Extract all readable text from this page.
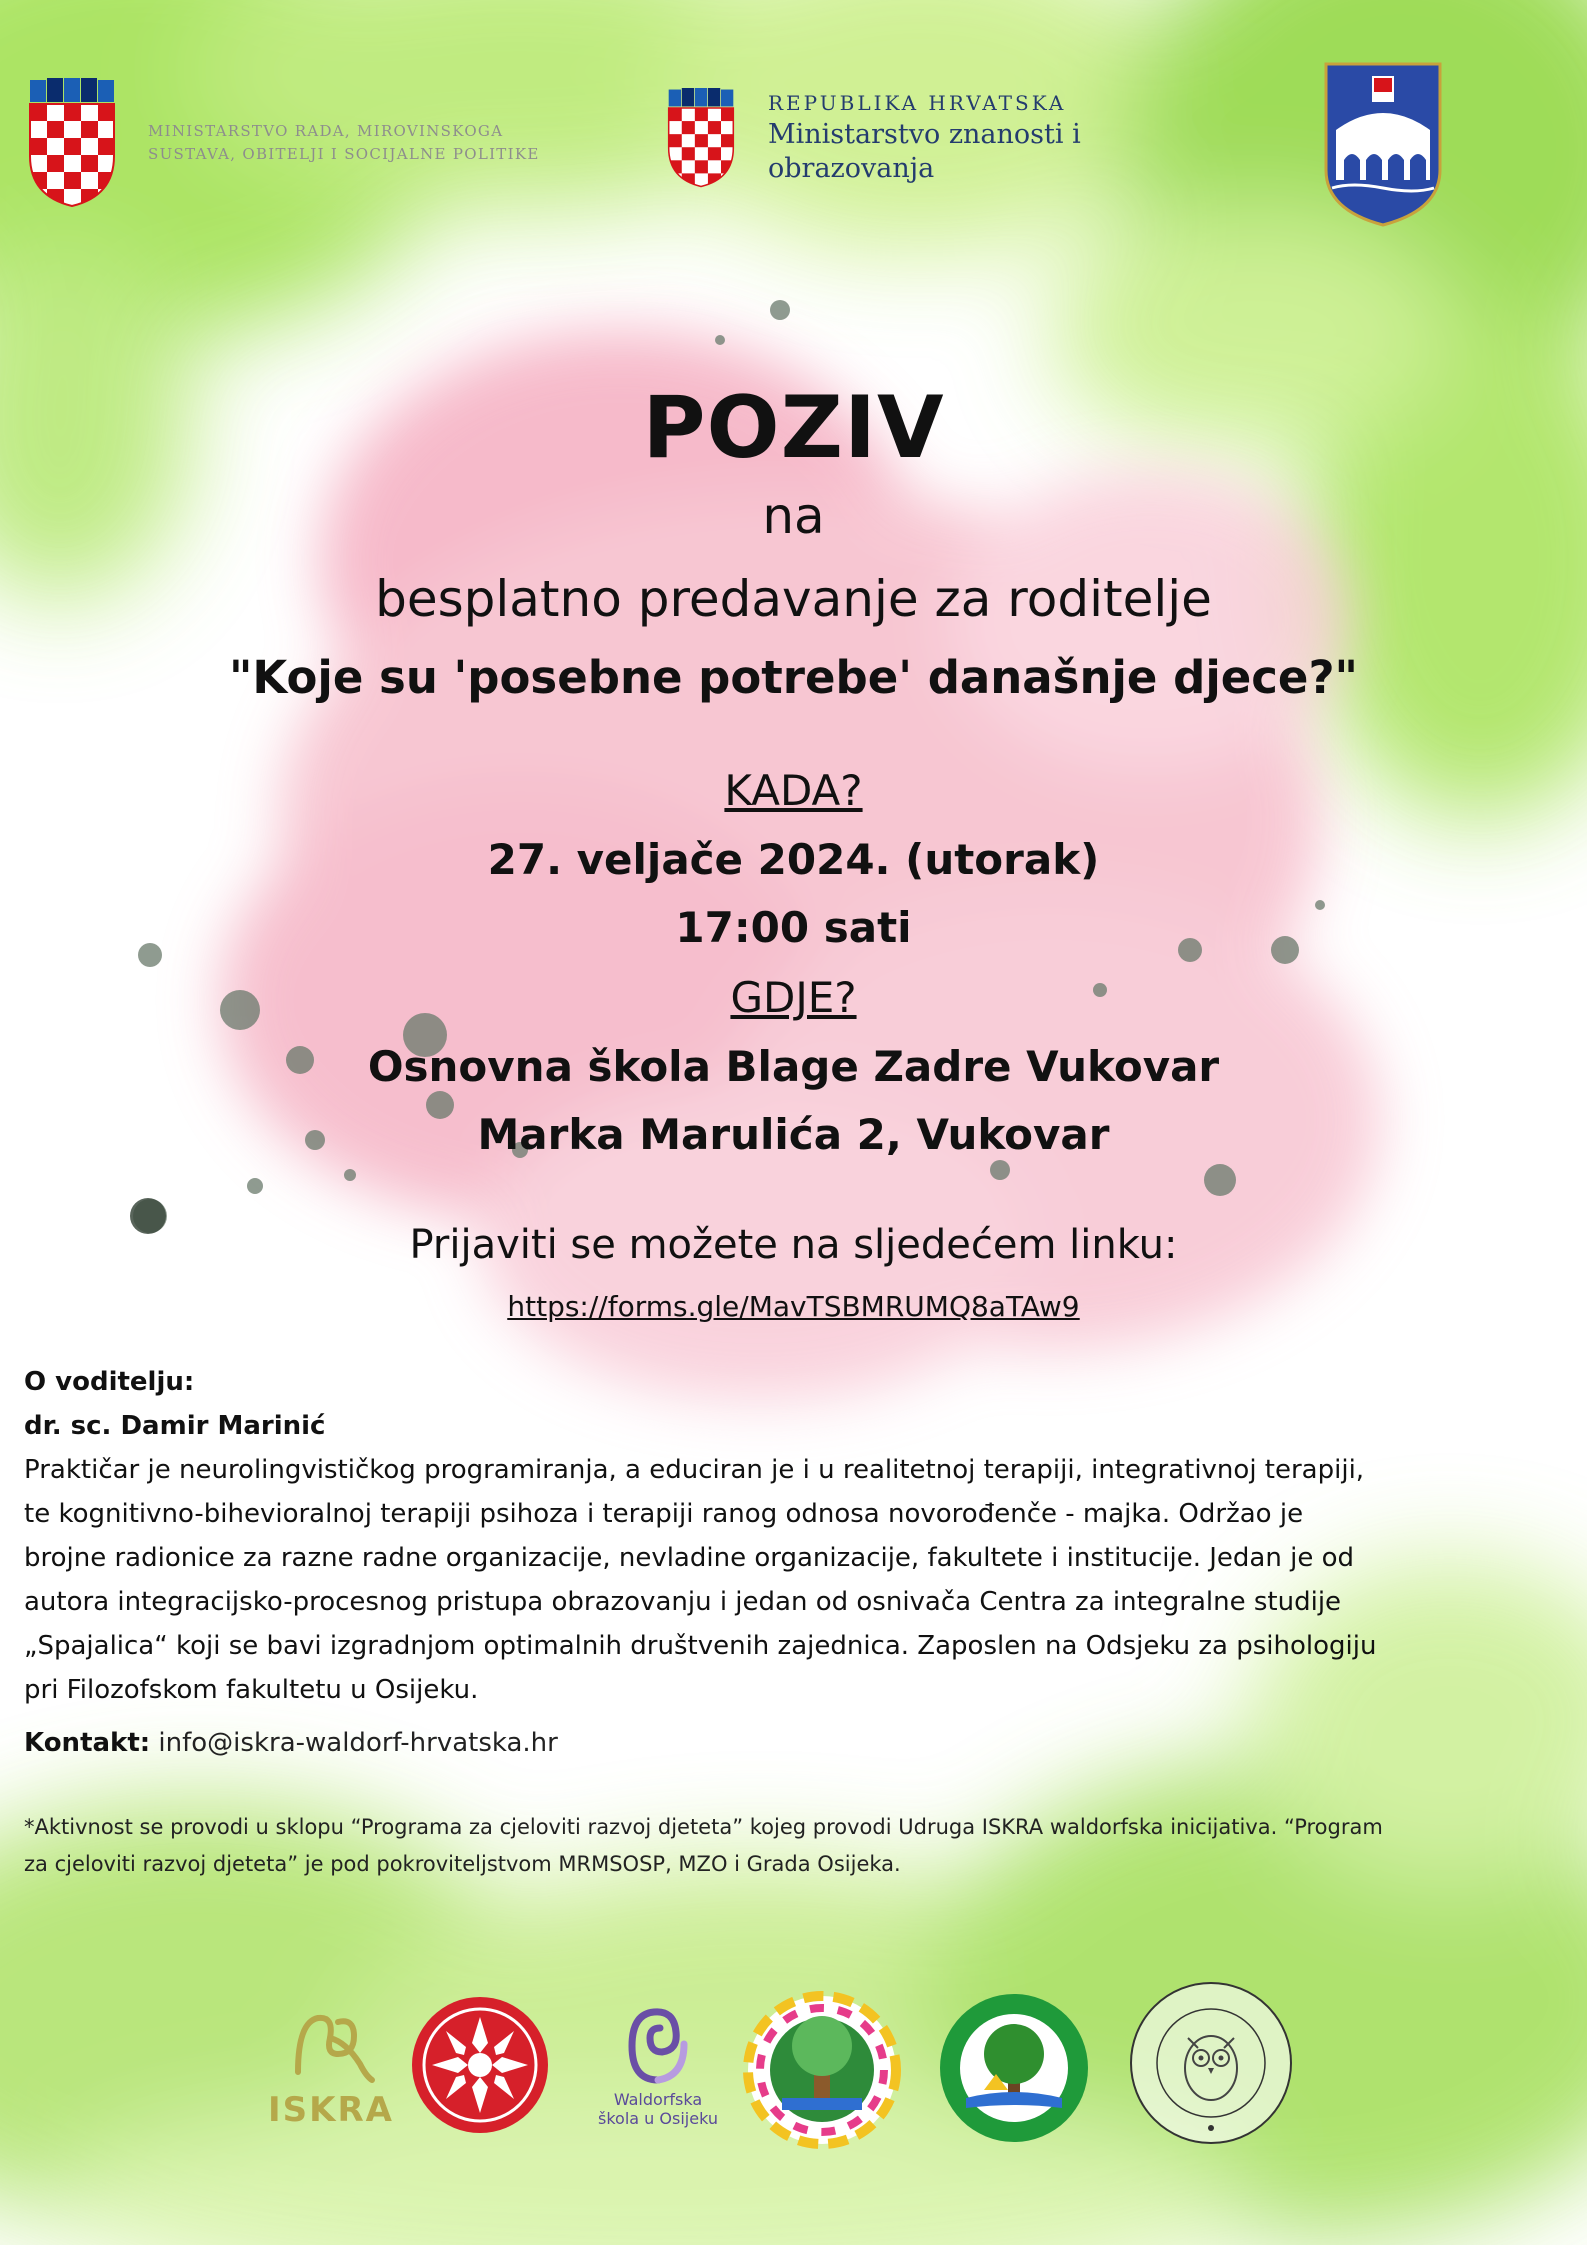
MINISTARSTVO RADA, MIROVINSKOGA
SUSTAVA, OBITELJI I SOCIJALNE POLITIKE
REPUBLIKA HRVATSKA
Ministarstvo znanosti i
obrazovanja
POZIV
na
besplatno predavanje za roditelje
"Koje su 'posebne potrebe' današnje djece?"
KADA?
27. veljače 2024. (utorak)
17:00 sati
GDJE?
Osnovna škola Blage Zadre Vukovar
Marka Marulića 2, Vukovar
Prijaviti se možete na sljedećem linku:
https://forms.gle/MavTSBMRUMQ8aTAw9

O voditelju:

dr. sc. Damir Marinić

Praktičar je neurolingvističkog programiranja, a educiran je i u realitetnoj terapiji, integrativnoj terapiji,

te kognitivno-bihevioralnoj terapiji psihoza i terapiji ranog odnosa novorođenče - majka. Održao je

brojne radionice za razne radne organizacije, nevladine organizacije, fakultete i institucije. Jedan je od

autora integracijsko-procesnog pristupa obrazovanju i jedan od osnivača Centra za integralne studije

„Spajalica“ koji se bavi izgradnjom optimalnih društvenih zajednica. Zaposlen na Odsjeku za psihologiju

pri Filozofskom fakultetu u Osijeku.

Kontakt: info@iskra-waldorf-hrvatska.hr
*Aktivnost se provodi u sklopu “Programa za cjeloviti razvoj djeteta” kojeg provodi Udruga ISKRA waldorfska inicijativa. “Program
za cjeloviti razvoj djeteta” je pod pokroviteljstvom MRMSOSP, MZO i Grada Osijeka.
ISKRA	Waldorfska
škola u Osijeku
